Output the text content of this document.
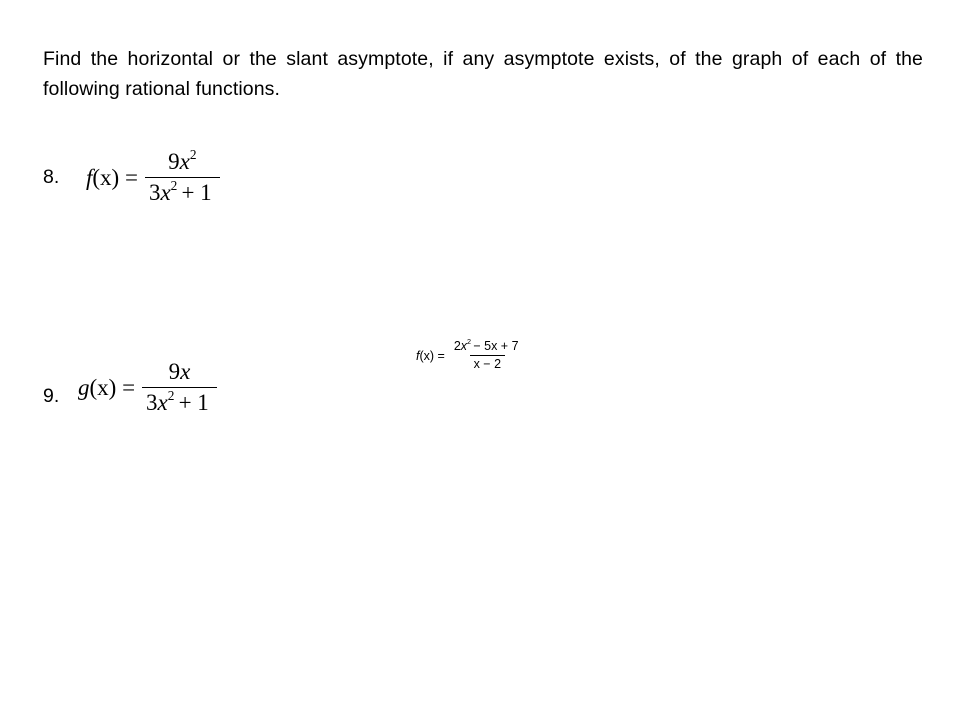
Find the horizontal or the slant asymptote, if any asymptote exists, of the graph of each of the following rational functions.

8. $f(x) = \frac{9x^2}{3x^2 + 1}$
$f(x) = \frac{2x^2 - 5x + 7}{x - 2}$
9. $g(x) = \frac{9x}{3x^2 + 1}$
